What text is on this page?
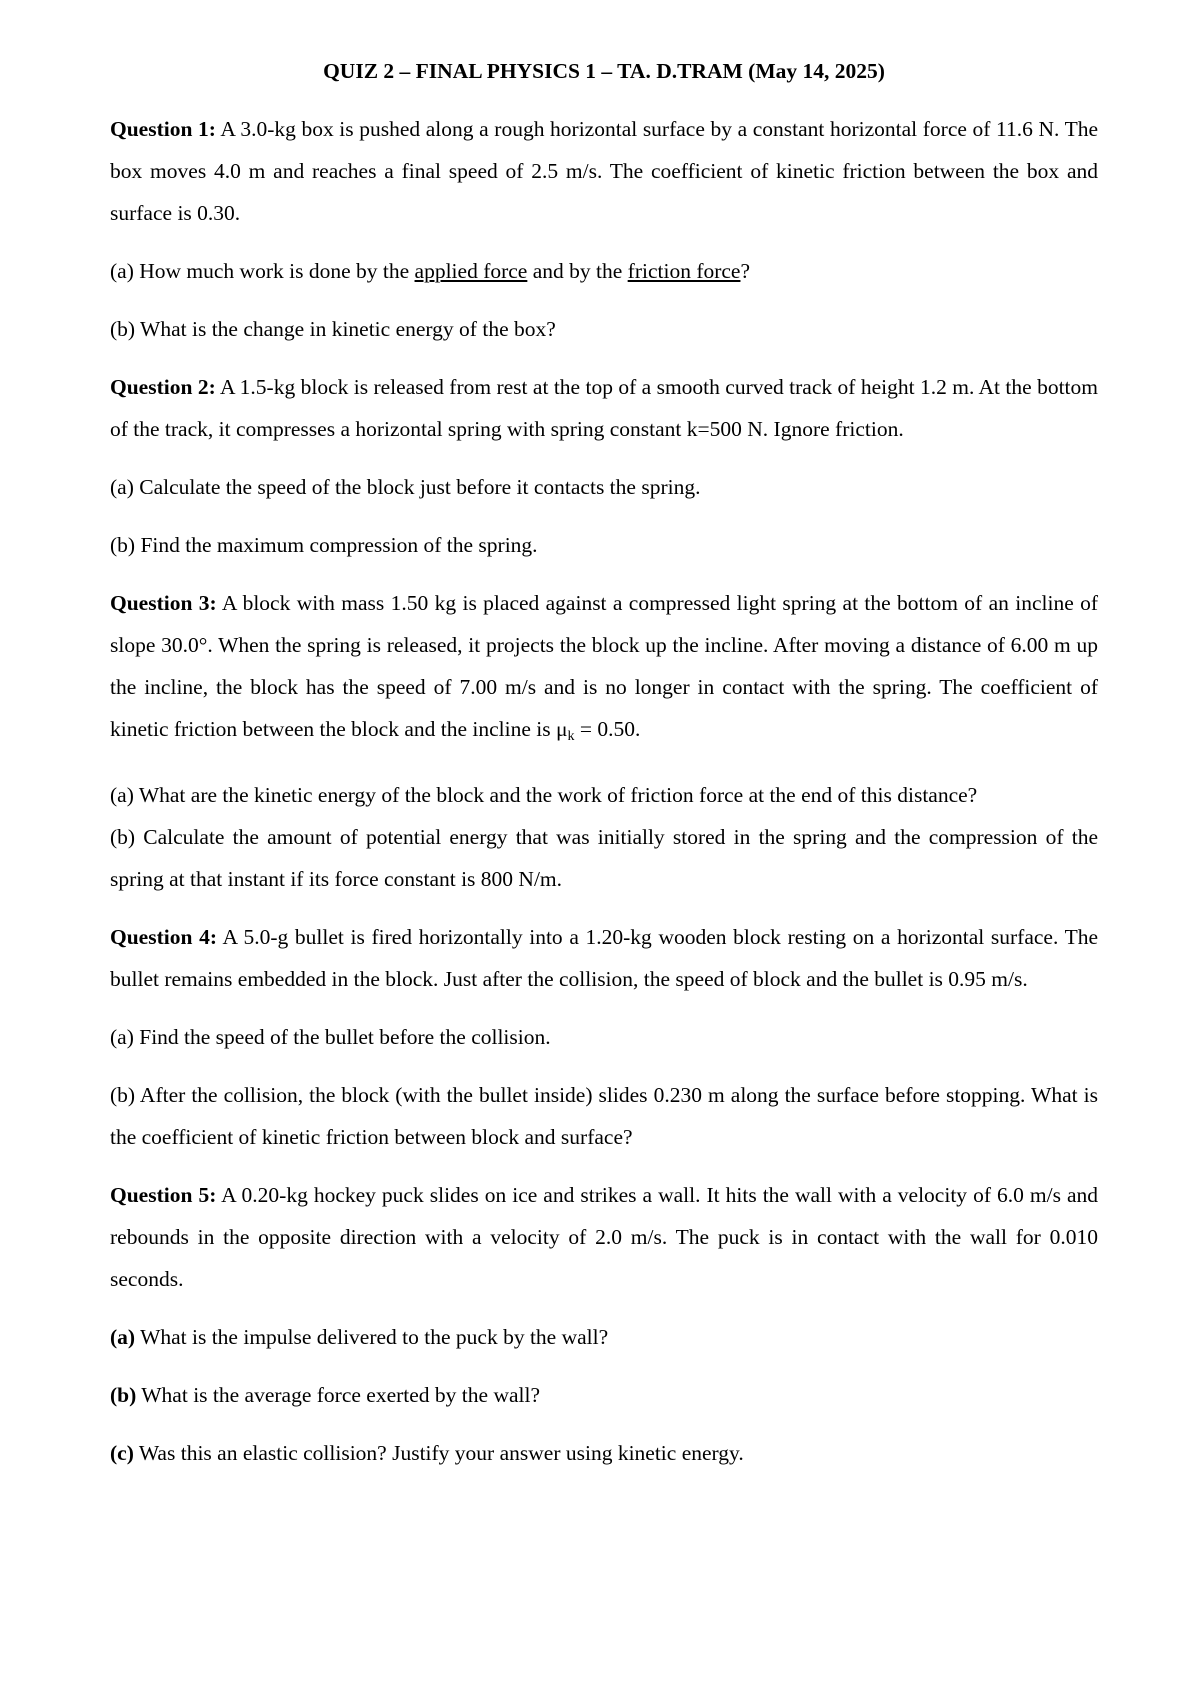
QUIZ 2 – FINAL PHYSICS 1 – TA. D.TRAM (May 14, 2025)
Question 1: A 3.0-kg box is pushed along a rough horizontal surface by a constant horizontal force of 11.6 N. The box moves 4.0 m and reaches a final speed of 2.5 m/s. The coefficient of kinetic friction between the box and surface is 0.30.
(a) How much work is done by the applied force and by the friction force?
(b) What is the change in kinetic energy of the box?
Question 2: A 1.5-kg block is released from rest at the top of a smooth curved track of height 1.2 m. At the bottom of the track, it compresses a horizontal spring with spring constant k=500 N. Ignore friction.
(a) Calculate the speed of the block just before it contacts the spring.
(b) Find the maximum compression of the spring.
Question 3: A block with mass 1.50 kg is placed against a compressed light spring at the bottom of an incline of slope 30.0°. When the spring is released, it projects the block up the incline. After moving a distance of 6.00 m up the incline, the block has the speed of 7.00 m/s and is no longer in contact with the spring. The coefficient of kinetic friction between the block and the incline is $\mu_k = 0.50$.
(a) What are the kinetic energy of the block and the work of friction force at the end of this distance?
(b) Calculate the amount of potential energy that was initially stored in the spring and the compression of the spring at that instant if its force constant is 800 N/m.
Question 4: A 5.0-g bullet is fired horizontally into a 1.20-kg wooden block resting on a horizontal surface. The bullet remains embedded in the block. Just after the collision, the speed of block and the bullet is 0.95 m/s.
(a) Find the speed of the bullet before the collision.
(b) After the collision, the block (with the bullet inside) slides 0.230 m along the surface before stopping. What is the coefficient of kinetic friction between block and surface?
Question 5: A 0.20-kg hockey puck slides on ice and strikes a wall. It hits the wall with a velocity of 6.0 m/s and rebounds in the opposite direction with a velocity of 2.0 m/s. The puck is in contact with the wall for 0.010 seconds.
(a) What is the impulse delivered to the puck by the wall?
(b) What is the average force exerted by the wall?
(c) Was this an elastic collision? Justify your answer using kinetic energy.
